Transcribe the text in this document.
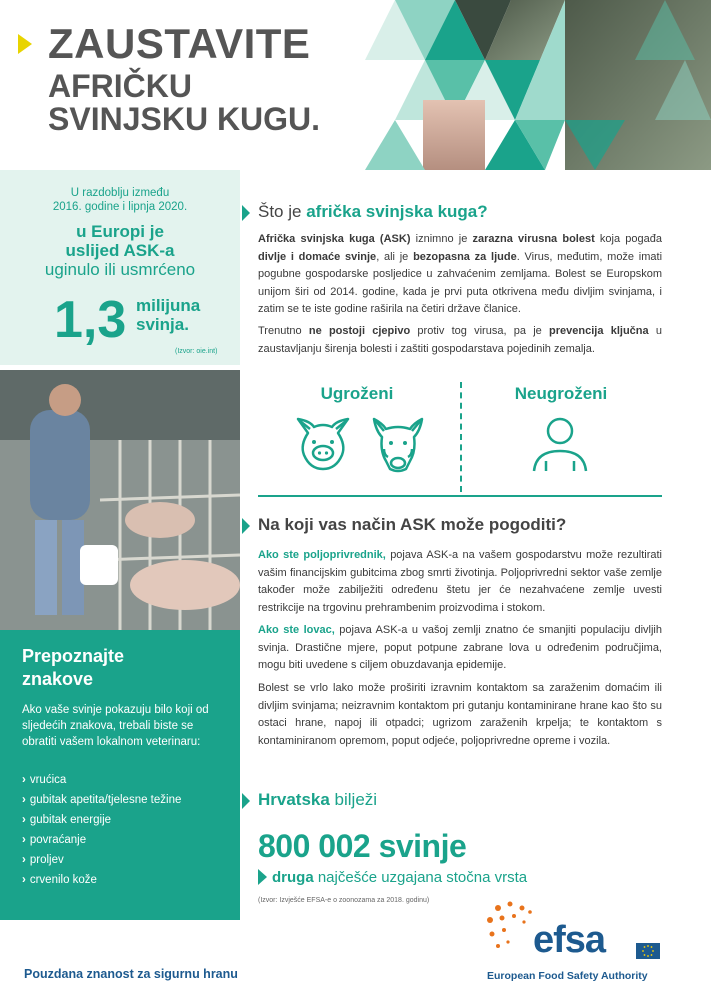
ZAUSTAVITE
AFRIČKU
SVINJSKU KUGU.
U razdoblju između
2016. godine i lipnja 2020.
u Europi je
uslijed ASK-a
uginulo ili usmrćeno
1,3 milijuna
svinja.
(Izvor: oie.int)
Prepoznajte
znakove
Ako vaše svinje pokazuju bilo koji od sljedećih znakova, trebali biste se obratiti vašem lokalnom veterinaru:
› vrućica
› gubitak apetita/tjelesne težine
› gubitak energije
› povraćanje
› proljev
› crvenilo kože
Što je afrička svinjska kuga?
Afrička svinjska kuga (ASK) iznimno je zarazna virusna bolest koja pogađa divlje i domaće svinje, ali je bezopasna za ljude. Virus, međutim, može imati pogubne gospodarske posljedice u zahvaćenim zemljama. Bolest se Europskom unijom širi od 2014. godine, kada je prvi puta otkrivena među divljim svinjama, i zatim se te iste godine raširila na četiri države članice.
Trenutno ne postoji cjepivo protiv tog virusa, pa je prevencija ključna u zaustavljanju širenja bolesti i zaštiti gospodarstava pojedinih zemalja.
Ugroženi	Neugroženi
Na koji vas način ASK može pogoditi?
Ako ste poljoprivrednik, pojava ASK-a na vašem gospodarstvu može rezultirati vašim financijskim gubitcima zbog smrti životinja. Poljoprivredni sektor vaše zemlje također može zabilježiti određenu štetu jer će nezahvaćene zemlje uvesti restrikcije na trgovinu prehrambenim proizvodima i stokom.
Ako ste lovac, pojava ASK-a u vašoj zemlji znatno će smanjiti populaciju divljih svinja. Drastične mjere, poput potpune zabrane lova u određenim područjima, mogu biti uvedene s ciljem obuzdavanja epidemije.
Bolest se vrlo lako može proširiti izravnim kontaktom sa zaraženim domaćim ili divljim svinjama; neizravnim kontaktom pri gutanju kontaminirane hrane kao što su ostaci hrane, napoj ili otpadci; ugrizom zaraženih krpelja; te kontaktom s kontaminiranom opremom, poput odjeće, poljoprivredne opreme i vozila.
Hrvatska bilježi
800 002 svinje
druga najčešće uzgajana stočna vrsta
(Izvor: Izvješće EFSA-e o zoonozama za 2018. godinu)
Pouzdana znanost za sigurnu hranu
efsa
European Food Safety Authority
